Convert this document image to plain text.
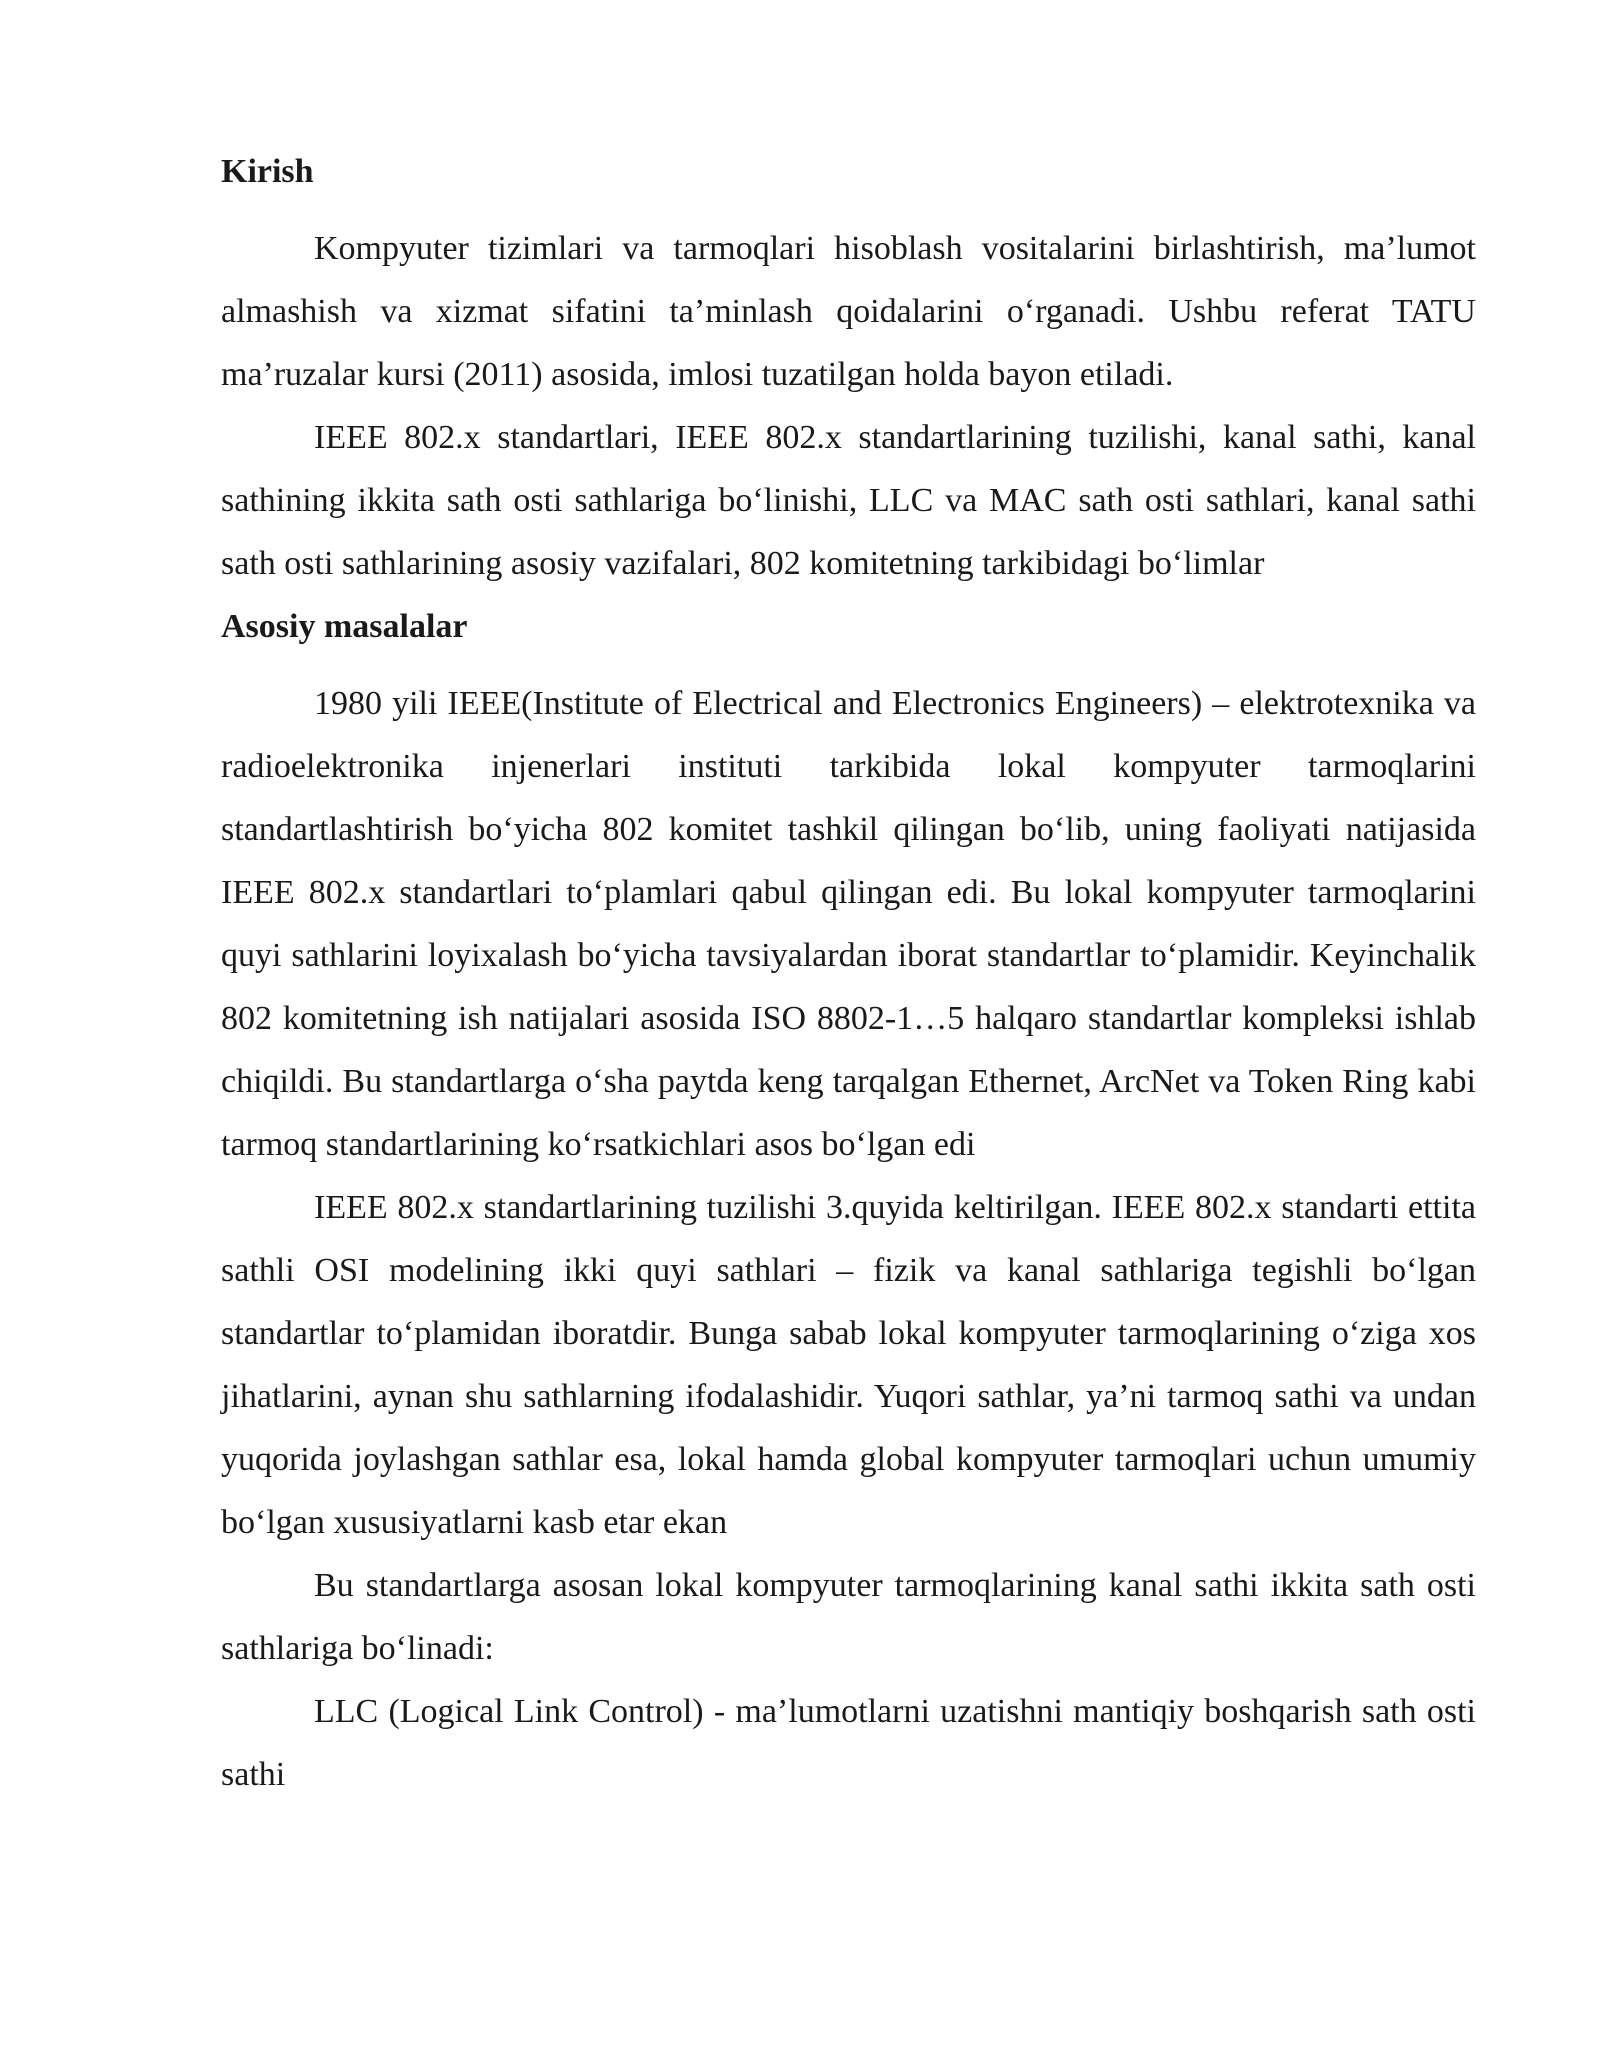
Kirish

Kompyuter tizimlari va tarmoqlari hisoblash vositalarini birlashtirish, ma’lumot almashish va xizmat sifatini ta’minlash qoidalarini o‘rganadi. Ushbu referat TATU ma’ruzalar kursi (2011) asosida, imlosi tuzatilgan holda bayon etiladi.

IEEE 802.x standartlari, IEEE 802.x standartlarining tuzilishi, kanal sathi, kanal sathining ikkita sath osti sathlariga bo‘linishi, LLC va MAC sath osti sathlari, kanal sathi sath osti sathlarining asosiy vazifalari, 802 komitetning tarkibidagi bo‘limlar

Asosiy masalalar

1980 yili IEEE(Institute of Electrical and Electronics Engineers) – elektrotexnika va radioelektronika injenerlari instituti tarkibida lokal kompyuter tarmoqlarini standartlashtirish bo‘yicha 802 komitet tashkil qilingan bo‘lib, uning faoliyati natijasida IEEE 802.x standartlari to‘plamlari qabul qilingan edi. Bu lokal kompyuter tarmoqlarini quyi sathlarini loyixalash bo‘yicha tavsiyalardan iborat standartlar to‘plamidir. Keyinchalik 802 komitetning ish natijalari asosida ISO 8802-1…5 halqaro standartlar kompleksi ishlab chiqildi. Bu standartlarga o‘sha paytda keng tarqalgan Ethernet, ArcNet va Token Ring kabi tarmoq standartlarining ko‘rsatkichlari asos bo‘lgan edi

IEEE 802.x standartlarining tuzilishi 3.quyida keltirilgan. IEEE 802.x standarti ettita sathli OSI modelining ikki quyi sathlari – fizik va kanal sathlariga tegishli bo‘lgan standartlar to‘plamidan iboratdir. Bunga sabab lokal kompyuter tarmoqlarining o‘ziga xos jihatlarini, aynan shu sathlarning ifodalashidir. Yuqori sathlar, ya’ni tarmoq sathi va undan yuqorida joylashgan sathlar esa, lokal hamda global kompyuter tarmoqlari uchun umumiy bo‘lgan xususiyatlarni kasb etar ekan

Bu standartlarga asosan lokal kompyuter tarmoqlarining kanal sathi ikkita sath osti sathlariga bo‘linadi:

LLC (Logical Link Control) - ma’lumotlarni uzatishni mantiqiy boshqarish sath osti sathi
